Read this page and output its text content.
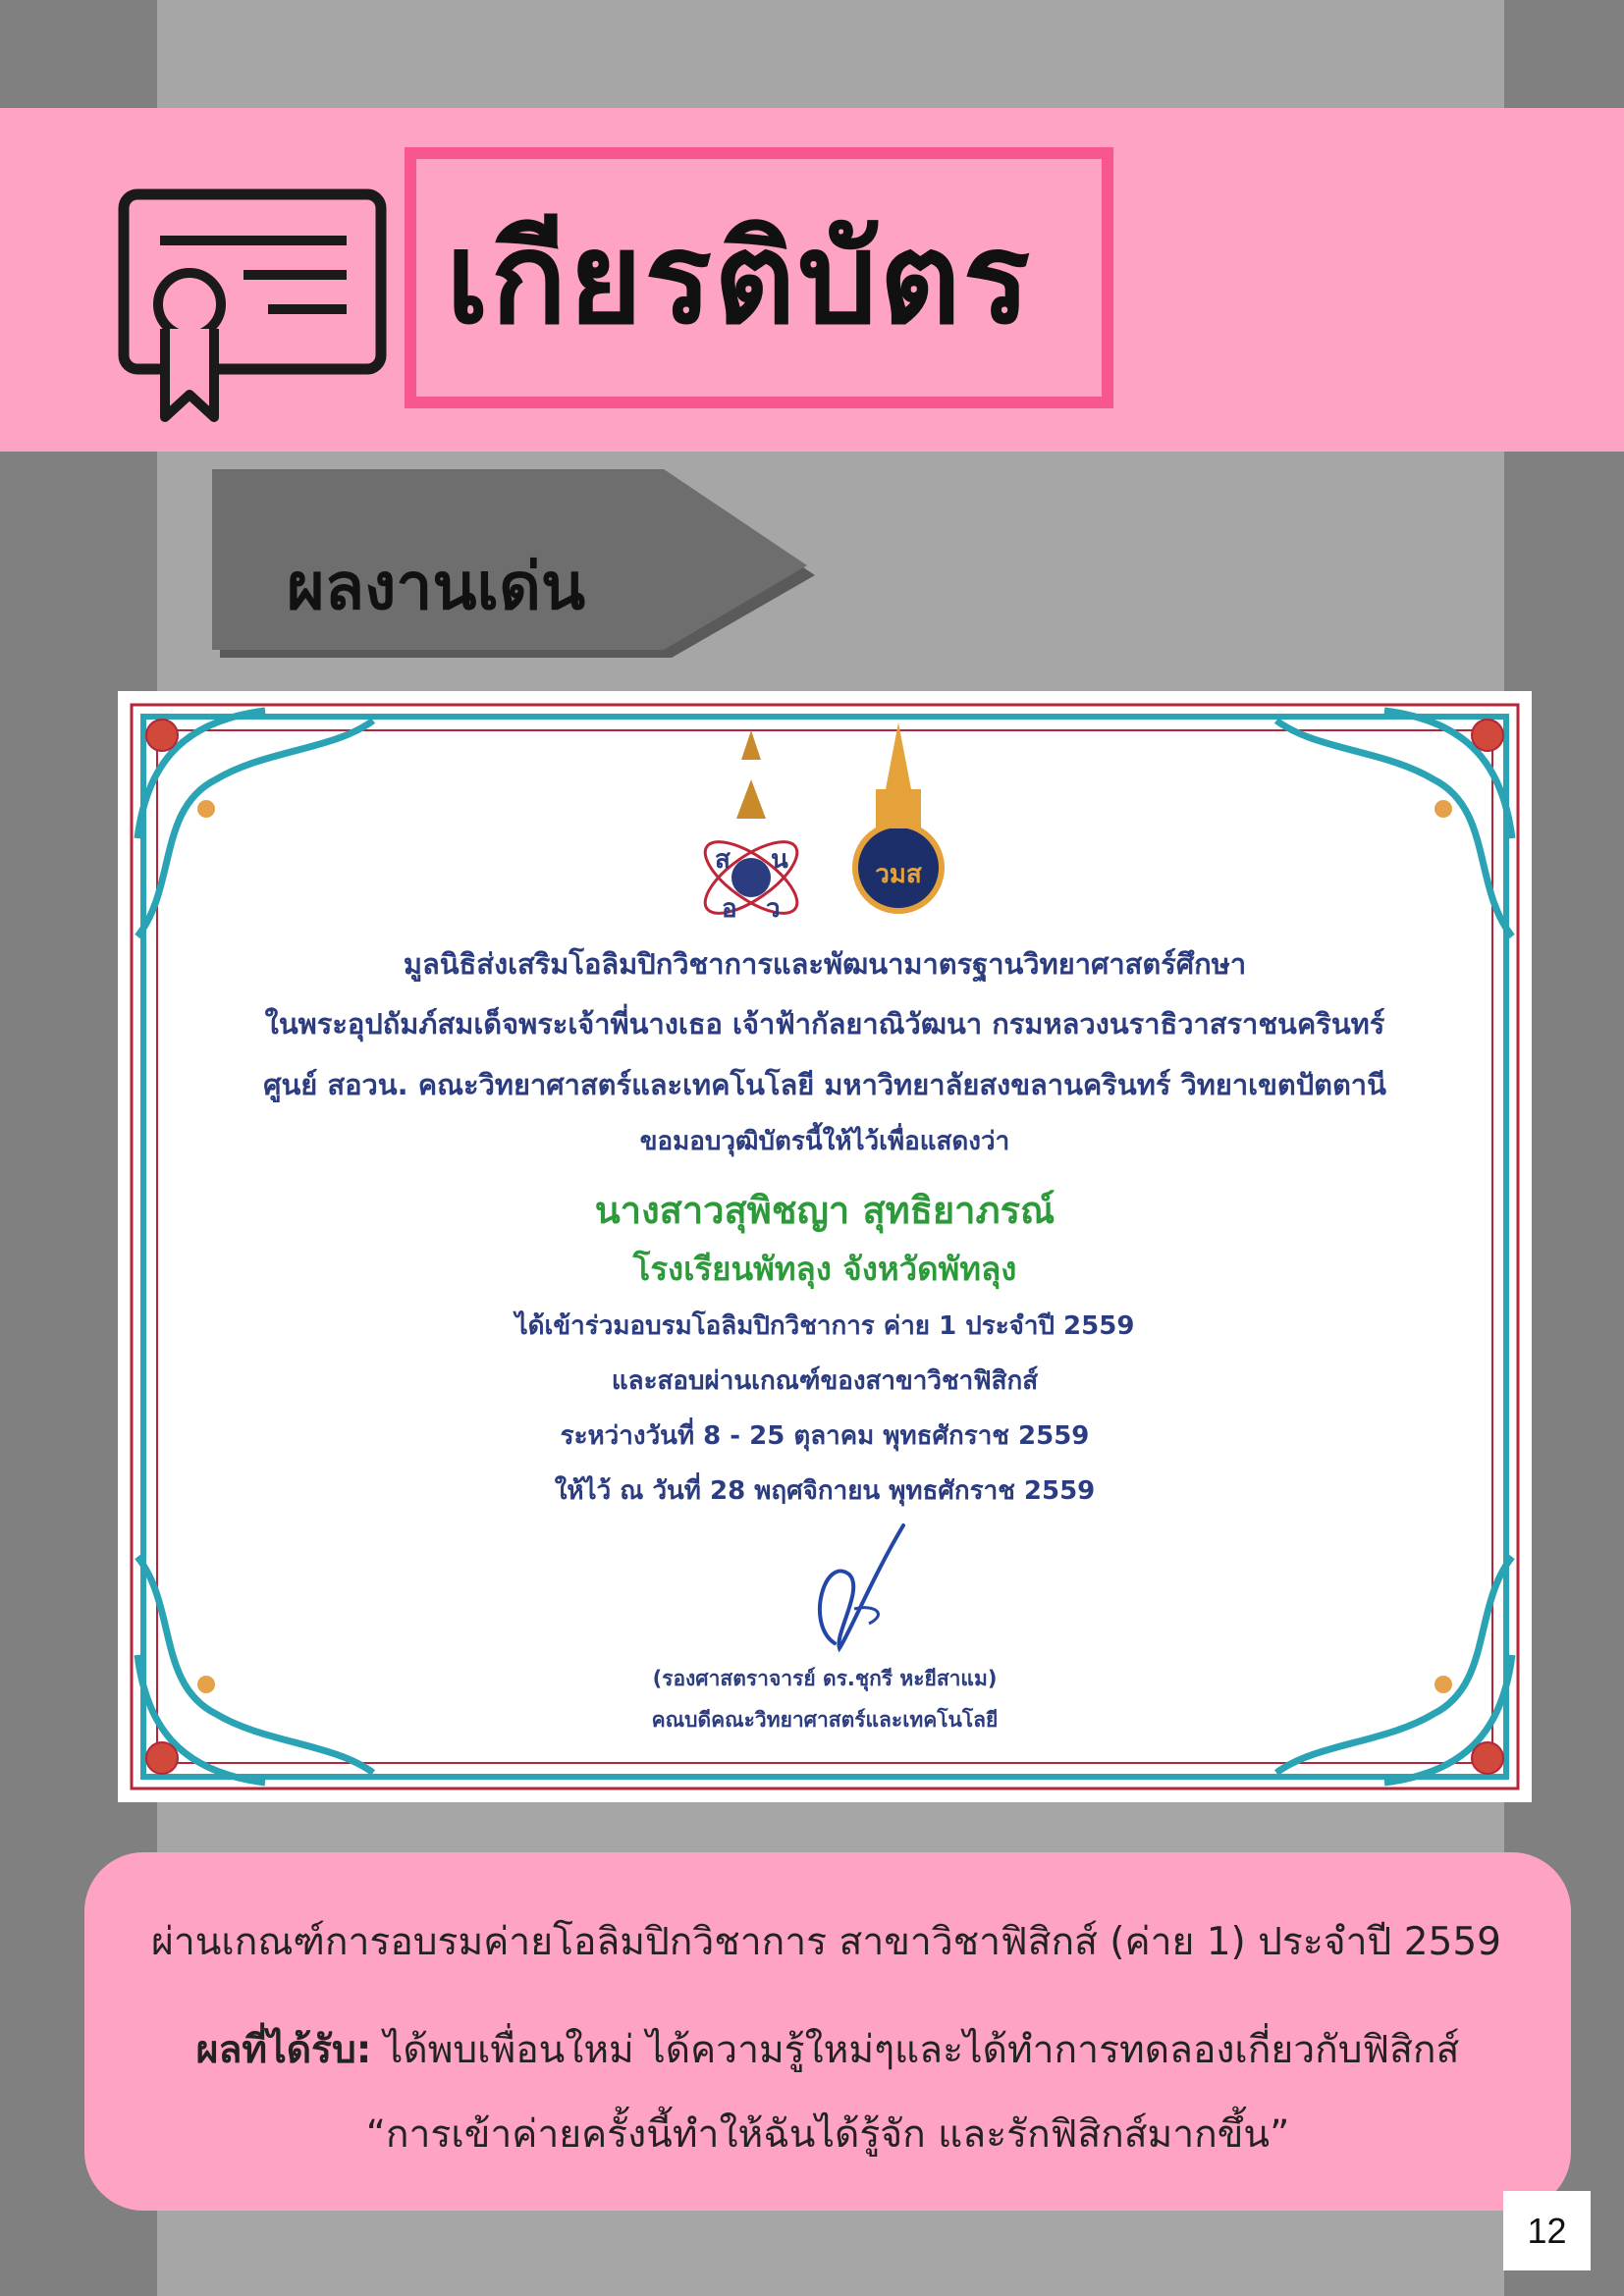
เกียรติบัตร
ผลงานเด่น
ส น
อ ว
วมส
มูลนิธิส่งเสริมโอลิมปิกวิชาการและพัฒนามาตรฐานวิทยาศาสตร์ศึกษา
ในพระอุปถัมภ์สมเด็จพระเจ้าพี่นางเธอ เจ้าฟ้ากัลยาณิวัฒนา กรมหลวงนราธิวาสราชนครินทร์
ศูนย์ สอวน. คณะวิทยาศาสตร์และเทคโนโลยี มหาวิทยาลัยสงขลานครินทร์ วิทยาเขตปัตตานี
ขอมอบวุฒิบัตรนี้ให้ไว้เพื่อแสดงว่า
นางสาวสุพิชญา สุทธิยาภรณ์
โรงเรียนพัทลุง จังหวัดพัทลุง
ได้เข้าร่วมอบรมโอลิมปิกวิชาการ ค่าย 1 ประจำปี 2559
และสอบผ่านเกณฑ์ของสาขาวิชาฟิสิกส์
ระหว่างวันที่ 8 - 25 ตุลาคม พุทธศักราช 2559
ให้ไว้ ณ วันที่ 28 พฤศจิกายน พุทธศักราช 2559
(รองศาสตราจารย์ ดร.ชุกรี หะยีสาแม)
คณบดีคณะวิทยาศาสตร์และเทคโนโลยี
ผ่านเกณฑ์การอบรมค่ายโอลิมปิกวิชาการ สาขาวิชาฟิสิกส์ (ค่าย 1) ประจำปี 2559
ผลที่ได้รับ: ได้พบเพื่อนใหม่ ได้ความรู้ใหม่ๆและได้ทำการทดลองเกี่ยวกับฟิสิกส์
“การเข้าค่ายครั้งนี้ทำให้ฉันได้รู้จัก และรักฟิสิกส์มากขึ้น”
12
